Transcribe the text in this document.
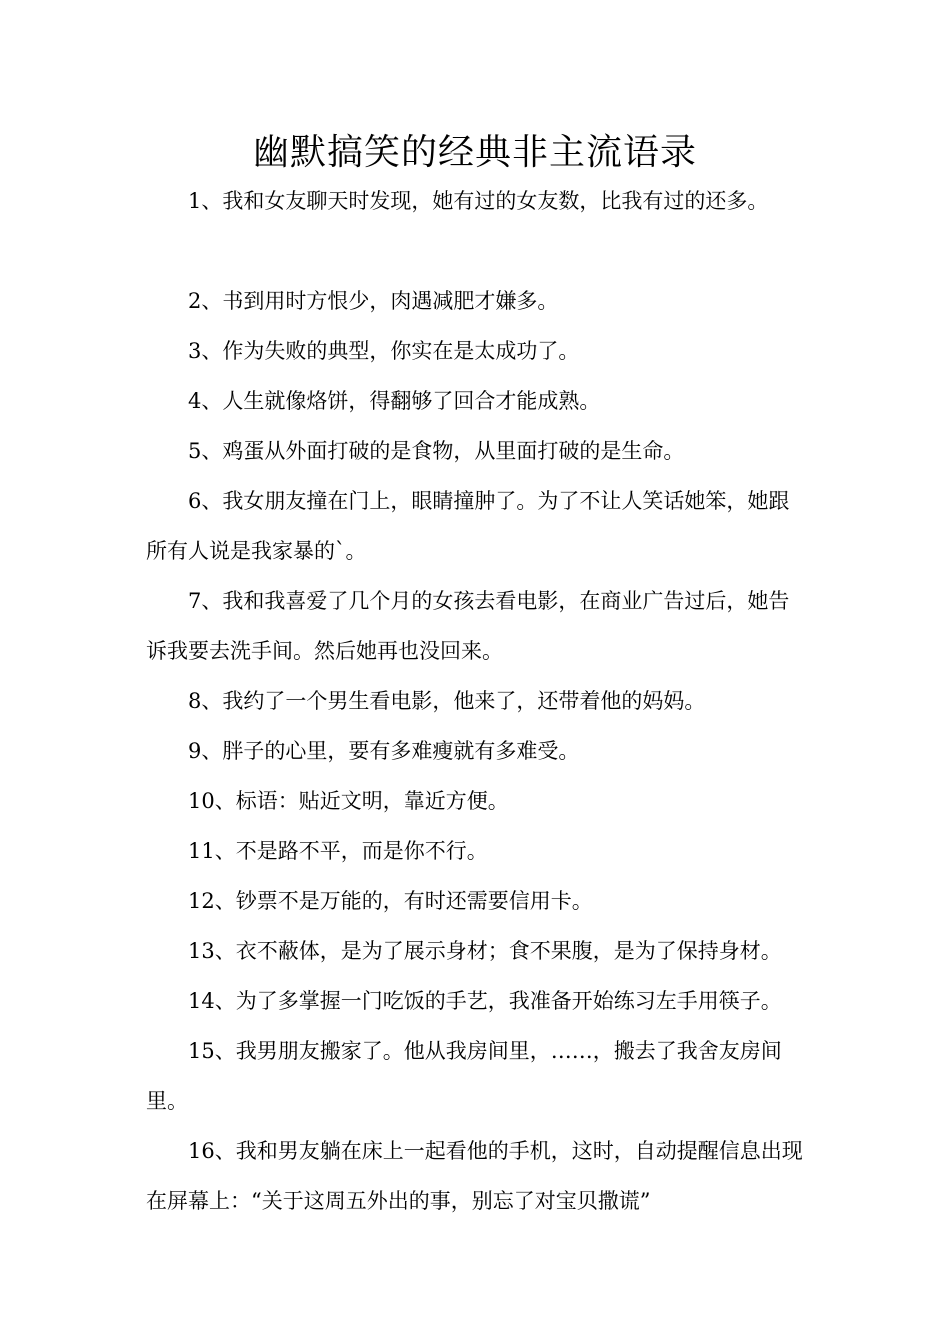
幽默搞笑的经典非主流语录

1、我和女友聊天时发现，她有过的女友数，比我有过的还多。

2、书到用时方恨少，肉遇减肥才嫌多。

3、作为失败的典型，你实在是太成功了。

4、人生就像烙饼，得翻够了回合才能成熟。

5、鸡蛋从外面打破的是食物，从里面打破的是生命。

6、我女朋友撞在门上，眼睛撞肿了。为了不让人笑话她笨，她跟所有人说是我家暴的`。

7、我和我喜爱了几个月的女孩去看电影，在商业广告过后，她告诉我要去洗手间。然后她再也没回来。

8、我约了一个男生看电影，他来了，还带着他的妈妈。

9、胖子的心里，要有多难瘦就有多难受。

10、标语：贴近文明，靠近方便。

11、不是路不平，而是你不行。

12、钞票不是万能的，有时还需要信用卡。

13、衣不蔽体，是为了展示身材；食不果腹，是为了保持身材。

14、为了多掌握一门吃饭的手艺，我准备开始练习左手用筷子。

15、我男朋友搬家了。他从我房间里，……，搬去了我舍友房间里。

16、我和男友躺在床上一起看他的手机，这时，自动提醒信息出现在屏幕上：“关于这周五外出的事，别忘了对宝贝撒谎”
